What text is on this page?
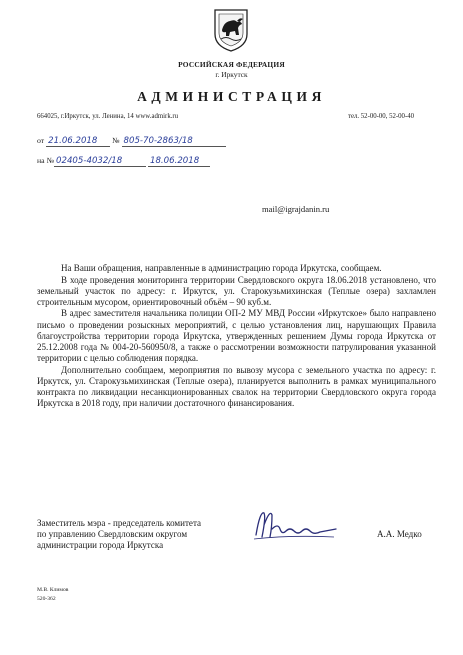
РОССИЙСКАЯ ФЕДЕРАЦИЯ
г. Иркутск
АДМИНИСТРАЦИЯ
664025, г.Иркутск, ул. Ленина, 14 www.admirk.ru	тел. 52-00-00, 52-00-40
от 21.06.2018 № 805-70-2863/18
на № 02405-4032/18	18.06.2018
mail@igrajdanin.ru

На Ваши обращения, направленные в администрацию города Иркутска, сообщаем.

В ходе проведения мониторинга территории Свердловского округа 18.06.2018 установлено, что земельный участок по адресу: г. Иркутск, ул. Старокузьмихинская (Теплые озера) захламлен строительным мусором, ориентировочный объём – 90 куб.м.

В адрес заместителя начальника полиции ОП-2 МУ МВД России «Иркутское» было направлено письмо о проведении розыскных мероприятий, с целью установления лиц, нарушающих Правила благоустройства территории города Иркутска, утвержденных решением Думы города Иркутска от 25.12.2008 года № 004-20-560950/8, а также о рассмотрении возможности патрулирования указанной территории с целью соблюдения порядка.

Дополнительно сообщаем, мероприятия по вывозу мусора с земельного участка по адресу: г. Иркутск, ул. Старокузьмихинская (Теплые озера), планируется выполнить в рамках муниципального контракта по ликвидации несанкционированных свалок на территории Свердловского округа города Иркутска в 2018 году, при наличии достаточного финансирования.

Заместитель мэра - председатель комитета
по управлению Свердловским округом
администрации города Иркутска
А.А. Медко
М.В. Климов
520-362
